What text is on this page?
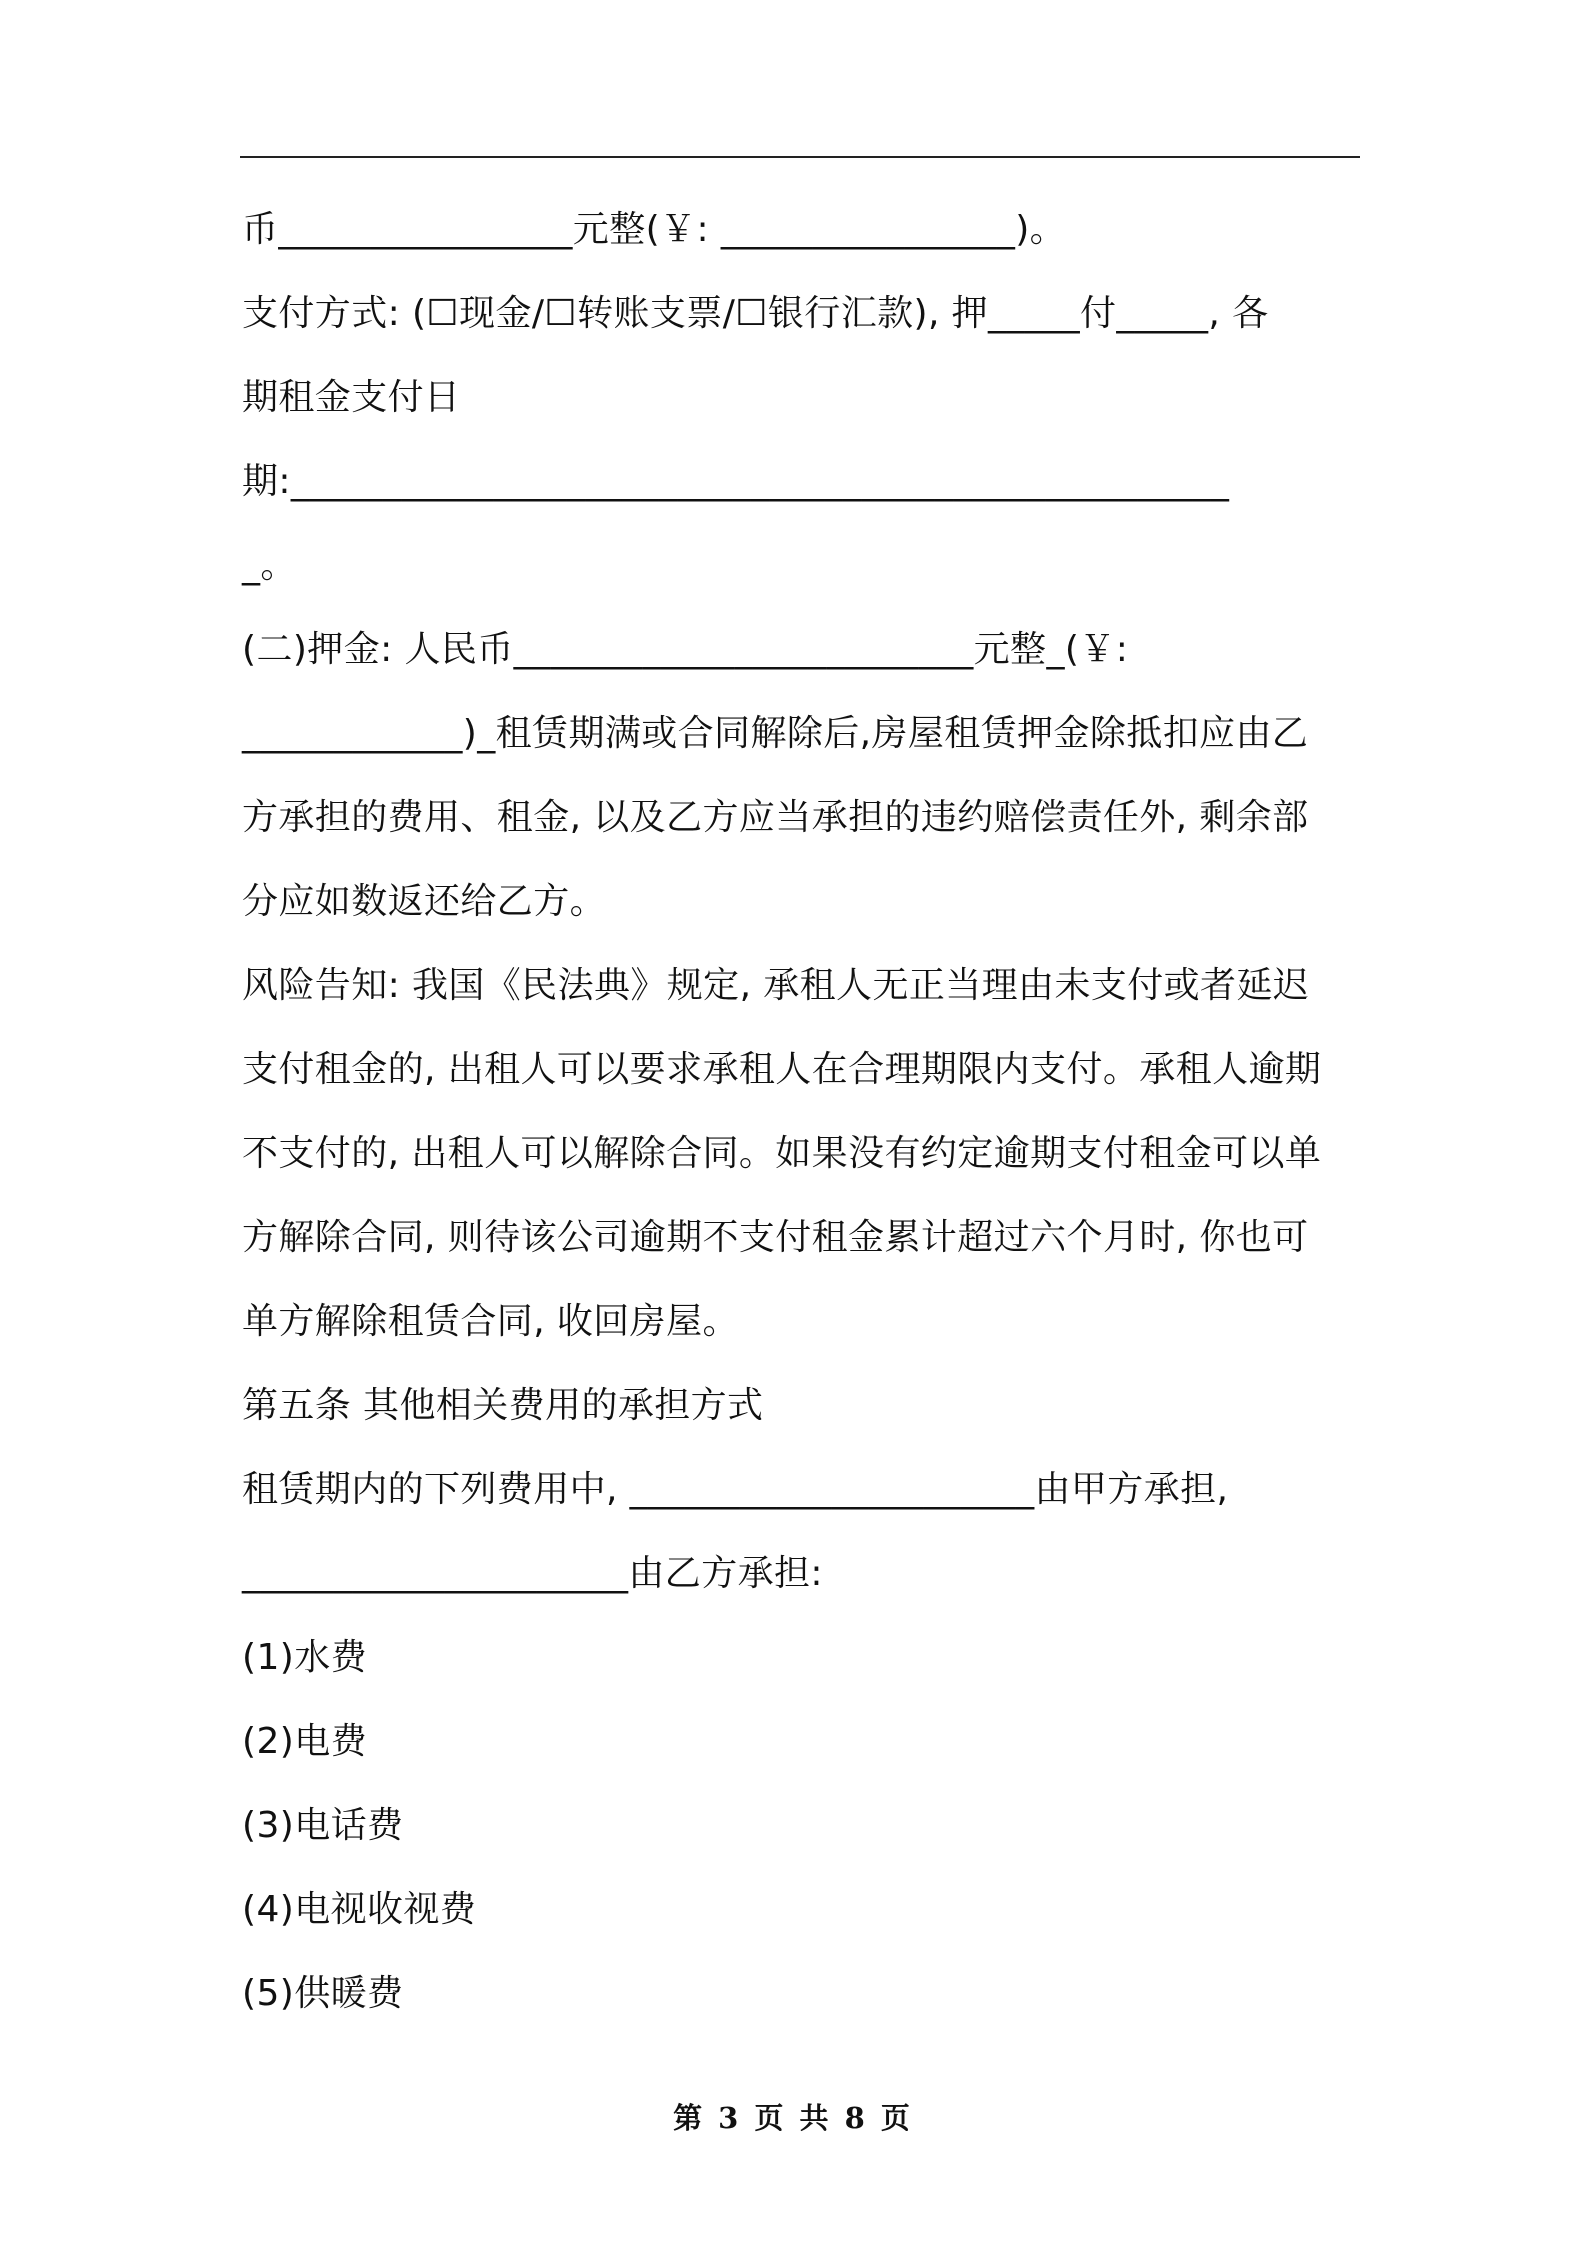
币________________元整(￥: ________________)。
支付方式: (☐现金/☐转账支票/☐银行汇款), 押_____付_____, 各
期租金支付日
期:___________________________________________________
_。
(二)押金: 人民币_________________________元整_(￥:
____________)_租赁期满或合同解除后,房屋租赁押金除抵扣应由乙
方承担的费用、租金, 以及乙方应当承担的违约赔偿责任外, 剩余部
分应如数返还给乙方。
风险告知: 我国《民法典》规定, 承租人无正当理由未支付或者延迟
支付租金的, 出租人可以要求承租人在合理期限内支付。承租人逾期
不支付的, 出租人可以解除合同。如果没有约定逾期支付租金可以单
方解除合同, 则待该公司逾期不支付租金累计超过六个月时, 你也可
单方解除租赁合同, 收回房屋。
第五条 其他相关费用的承担方式
租赁期内的下列费用中, ______________________由甲方承担,
_____________________由乙方承担:
(1)水费
(2)电费
(3)电话费
(4)电视收视费
(5)供暖费
第 3 页 共 8 页
